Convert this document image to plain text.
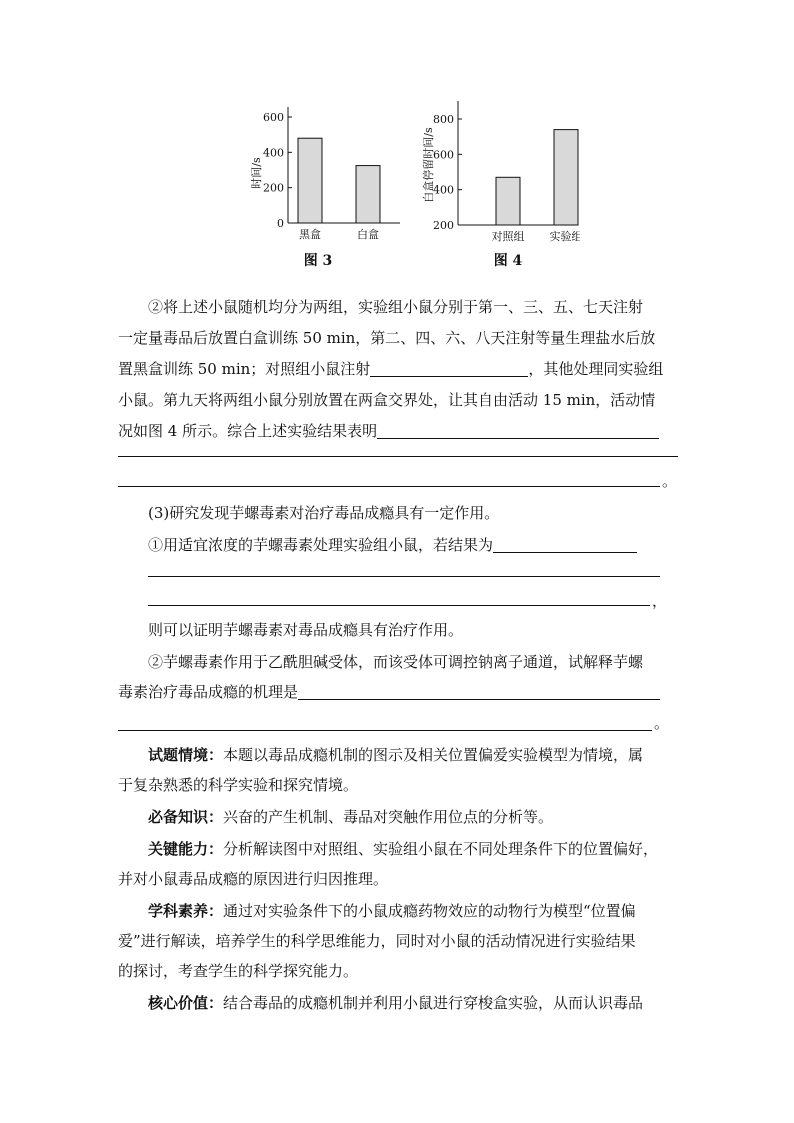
0
200
400
600
黑盒	白盒
时间/s
图 3
200
400
600
800
对照组 实验组
白盒停留时间/s
图 4

②将上述小鼠随机均分为两组，实验组小鼠分别于第一、三、五、七天注射

一定量毒品后放置白盒训练 50 min，第二、四、六、八天注射等量生理盐水后放

置黑盒训练 50 min；对照组小鼠注射	，其他处理同实验组

小鼠。第九天将两组小鼠分别放置在两盒交界处，让其自由活动 15 min，活动情

况如图 4 所示。综合上述实验结果表明

。

(3)研究发现芋螺毒素对治疗毒品成瘾具有一定作用。

①用适宜浓度的芋螺毒素处理实验组小鼠，若结果为

，

则可以证明芋螺毒素对毒品成瘾具有治疗作用。

②芋螺毒素作用于乙酰胆碱受体，而该受体可调控钠离子通道，试解释芋螺

毒素治疗毒品成瘾的机理是

。

试题情境：本题以毒品成瘾机制的图示及相关位置偏爱实验模型为情境，属

于复杂熟悉的科学实验和探究情境。

必备知识：兴奋的产生机制、毒品对突触作用位点的分析等。

关键能力：分析解读图中对照组、实验组小鼠在不同处理条件下的位置偏好，

并对小鼠毒品成瘾的原因进行归因推理。

学科素养：通过对实验条件下的小鼠成瘾药物效应的动物行为模型“位置偏

爱”进行解读，培养学生的科学思维能力，同时对小鼠的活动情况进行实验结果

的探讨，考查学生的科学探究能力。

核心价值：结合毒品的成瘾机制并利用小鼠进行穿梭盒实验，从而认识毒品
